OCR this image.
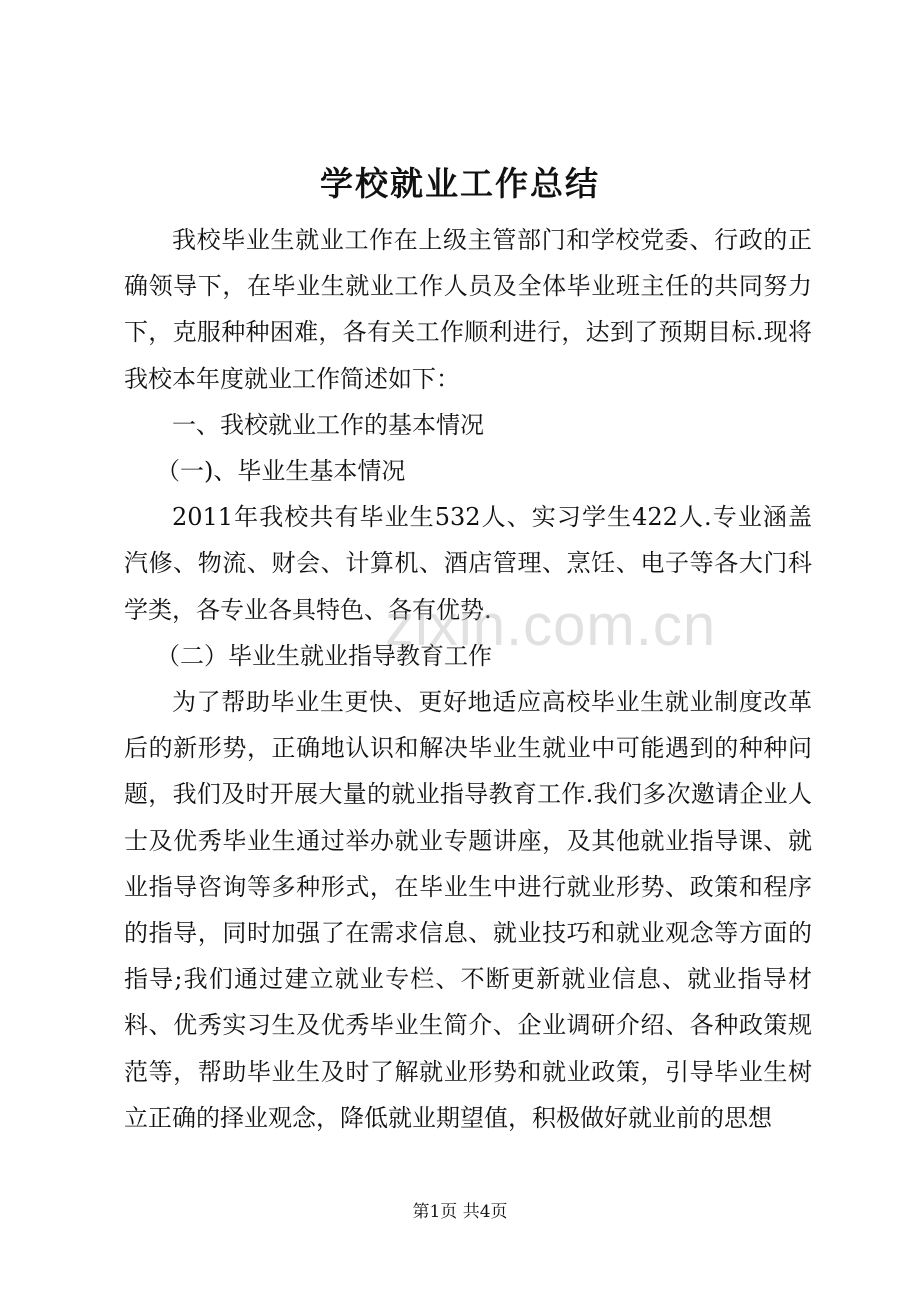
学校就业工作总结

我校毕业生就业工作在上级主管部门和学校党委、行政的正确领导下，在毕业生就业工作人员及全体毕业班主任的共同努力下，克服种种困难，各有关工作顺利进行，达到了预期目标.现将我校本年度就业工作简述如下：

一、我校就业工作的基本情况

（一)、毕业生基本情况

2011年我校共有毕业生532人、实习学生422人.专业涵盖汽修、物流、财会、计算机、酒店管理、烹饪、电子等各大门科学类，各专业各具特色、各有优势.

（二）毕业生就业指导教育工作

为了帮助毕业生更快、更好地适应高校毕业生就业制度改革后的新形势，正确地认识和解决毕业生就业中可能遇到的种种问题，我们及时开展大量的就业指导教育工作.我们多次邀请企业人士及优秀毕业生通过举办就业专题讲座，及其他就业指导课、就业指导咨询等多种形式，在毕业生中进行就业形势、政策和程序的指导，同时加强了在需求信息、就业技巧和就业观念等方面的指导;我们通过建立就业专栏、不断更新就业信息、就业指导材料、优秀实习生及优秀毕业生简介、企业调研介绍、各种政策规范等，帮助毕业生及时了解就业形势和就业政策，引导毕业生树立正确的择业观念，降低就业期望值，积极做好就业前的思想

zixin.com.cn
第1页 共4页
